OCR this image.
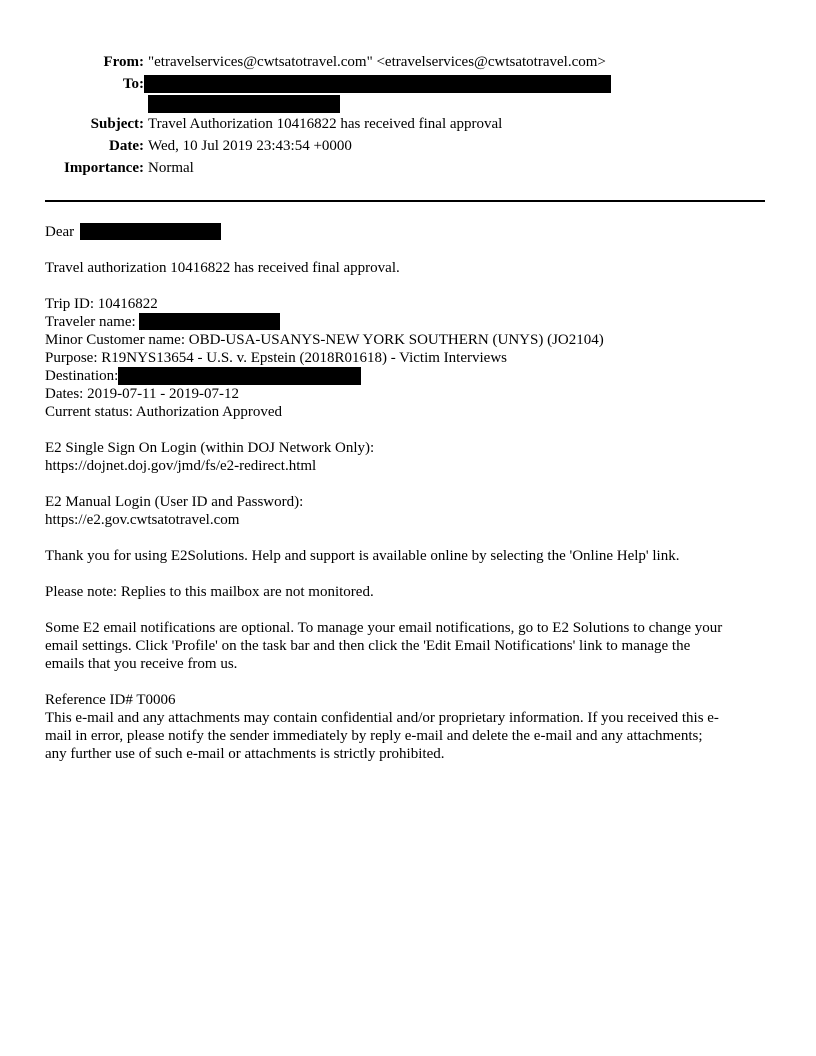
From: "etravelservices@cwtsatotravel.com" <etravelservices@cwtsatotravel.com>
To:
Subject: Travel Authorization 10416822 has received final approval
Date: Wed, 10 Jul 2019 23:43:54 +0000
Importance: Normal

Dear

Travel authorization 10416822 has received final approval.

Trip ID: 10416822
Traveler name:
Minor Customer name: OBD-USA-USANYS-NEW YORK SOUTHERN (UNYS) (JO2104)
Purpose: R19NYS13654 - U.S. v. Epstein (2018R01618) - Victim Interviews
Destination:
Dates: 2019-07-11 - 2019-07-12
Current status: Authorization Approved
E2 Single Sign On Login (within DOJ Network Only):
https://dojnet.doj.gov/jmd/fs/e2-redirect.html
E2 Manual Login (User ID and Password):
https://e2.gov.cwtsatotravel.com

Thank you for using E2Solutions. Help and support is available online by selecting the 'Online Help' link.

Please note: Replies to this mailbox are not monitored.

Some E2 email notifications are optional. To manage your email notifications, go to E2 Solutions to change your
email settings. Click 'Profile' on the task bar and then click the 'Edit Email Notifications' link to manage the
emails that you receive from us.
Reference ID# T0006
This e-mail and any attachments may contain confidential and/or proprietary information. If you received this e-
mail in error, please notify the sender immediately by reply e-mail and delete the e-mail and any attachments;
any further use of such e-mail or attachments is strictly prohibited.
